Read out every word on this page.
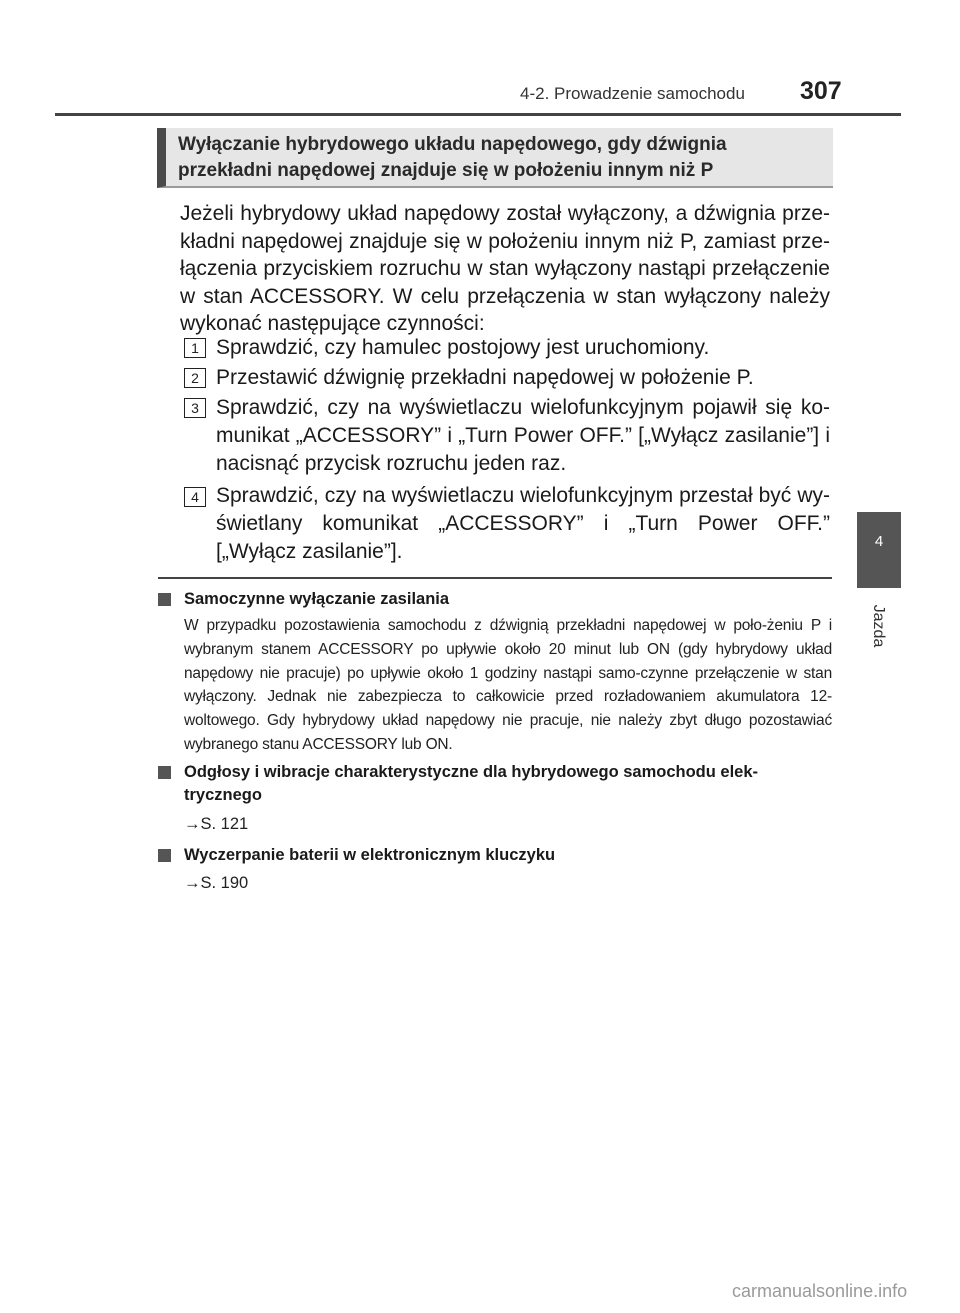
4-2. Prowadzenie samochodu 307
4
Jazda
Wyłączanie hybrydowego układu napędowego, gdy dźwignia
przekładni napędowej znajduje się w położeniu innym niż P
Jeżeli hybrydowy układ napędowy został wyłączony, a dźwignia prze-kładni napędowej znajduje się w położeniu innym niż P, zamiast prze-łączenia przyciskiem rozruchu w stan wyłączony nastąpi przełączenie w stan ACCESSORY. W celu przełączenia w stan wyłączony należy wykonać następujące czynności:
1 Sprawdzić, czy hamulec postojowy jest uruchomiony.
2 Przestawić dźwignię przekładni napędowej w położenie P.
3 Sprawdzić, czy na wyświetlaczu wielofunkcyjnym pojawił się ko-munikat „ACCESSORY” i „Turn Power OFF.” [„Wyłącz zasilanie”] i nacisnąć przycisk rozruchu jeden raz.
4 Sprawdzić, czy na wyświetlaczu wielofunkcyjnym przestał być wy-świetlany komunikat „ACCESSORY” i „Turn Power OFF.” [„Wyłącz zasilanie”].
Samoczynne wyłączanie zasilania
W przypadku pozostawienia samochodu z dźwignią przekładni napędowej w poło-żeniu P i wybranym stanem ACCESSORY po upływie około 20 minut lub ON (gdy hybrydowy układ napędowy nie pracuje) po upływie około 1 godziny nastąpi samo-czynne przełączenie w stan wyłączony. Jednak nie zabezpiecza to całkowicie przed rozładowaniem akumulatora 12-woltowego. Gdy hybrydowy układ napędowy nie pracuje, nie należy zbyt długo pozostawiać wybranego stanu ACCESSORY lub ON.
Odgłosy i wibracje charakterystyczne dla hybrydowego samochodu elek-trycznego
→S. 121
Wyczerpanie baterii w elektronicznym kluczyku
→S. 190
carmanualsonline.info
